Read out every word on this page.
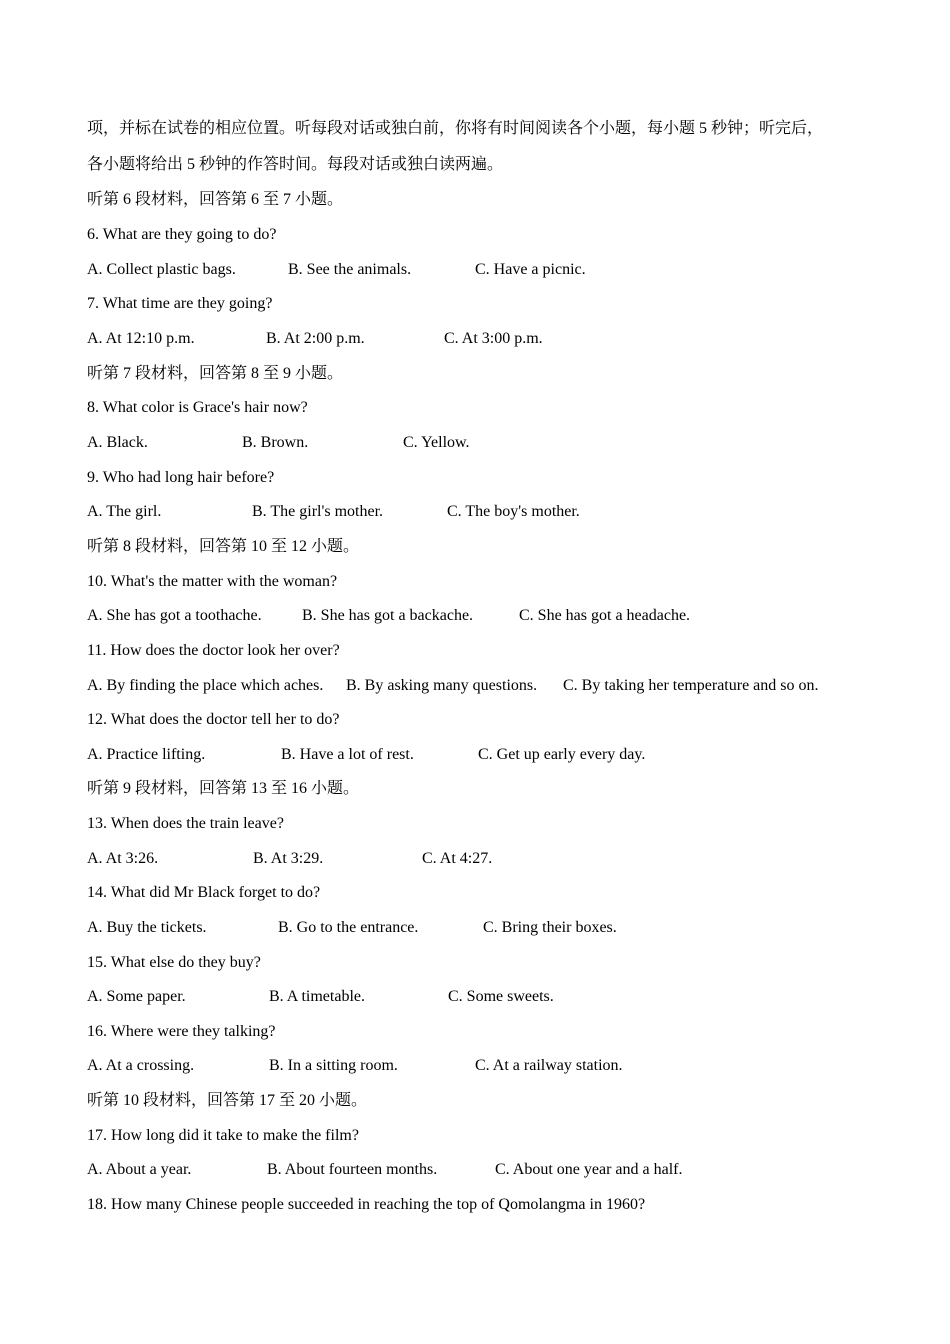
项，并标在试卷的相应位置。听每段对话或独白前，你将有时间阅读各个小题，每小题 5 秒钟；听完后，
各小题将给出 5 秒钟的作答时间。每段对话或独白读两遍。
听第 6 段材料，回答第 6 至 7 小题。
6. What are they going to do?
A. Collect plastic bags.	B. See the animals.	C. Have a picnic.
7. What time are they going?
A. At 12:10 p.m.	B. At 2:00 p.m.	C. At 3:00 p.m.
听第 7 段材料，回答第 8 至 9 小题。
8. What color is Grace's hair now?
A. Black.	B. Brown.	C. Yellow.
9. Who had long hair before?
A. The girl.	B. The girl's mother.	C. The boy's mother.
听第 8 段材料，回答第 10 至 12 小题。
10. What's the matter with the woman?
A. She has got a toothache.	B. She has got a backache.	C. She has got a headache.
11. How does the doctor look her over?
A. By finding the place which aches. B. By asking many questions. C. By taking her temperature and so on.
12. What does the doctor tell her to do?
A. Practice lifting.	B. Have a lot of rest.	C. Get up early every day.
听第 9 段材料，回答第 13 至 16 小题。
13. When does the train leave?
A. At 3:26.	B. At 3:29.	C. At 4:27.
14. What did Mr Black forget to do?
A. Buy the tickets.	B. Go to the entrance.	C. Bring their boxes.
15. What else do they buy?
A. Some paper.	B. A timetable.	C. Some sweets.
16. Where were they talking?
A. At a crossing.	B. In a sitting room.	C. At a railway station.
听第 10 段材料，回答第 17 至 20 小题。
17. How long did it take to make the film?
A. About a year.	B. About fourteen months.	C. About one year and a half.
18. How many Chinese people succeeded in reaching the top of Qomolangma in 1960?
